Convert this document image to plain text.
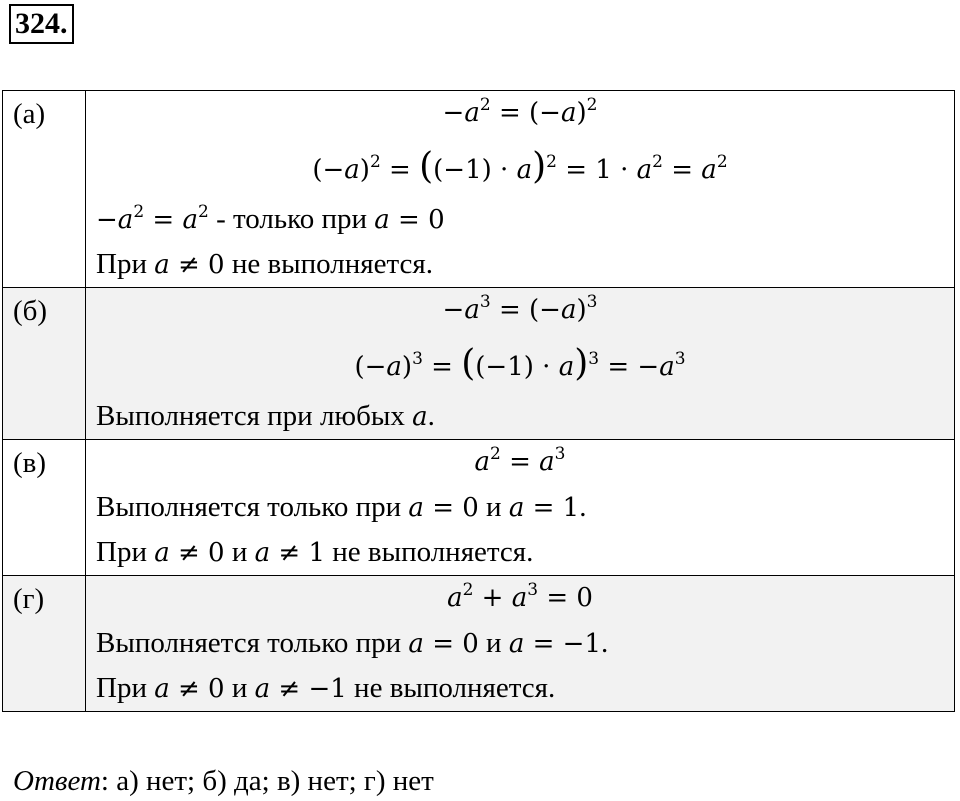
324.
(а)	$-a^2 = (-a)^2$
$(-a)^2 = ((-1) \cdot a)^2 = 1 \cdot a^2 = a^2$
$-a^2 = a^2$ - только при a = 0
При a ≠ 0 не выполняется.

(б)	$-a^3 = (-a)^3$
$(-a)^3 = ((-1) \cdot a)^3 = -a^3$
Выполняется при любых a.

(в)	$a^2 = a^3$
Выполняется только при a = 0 и a = 1.
При a ≠ 0 и a ≠ 1 не выполняется.

(г)	$a^2 + a^3 = 0$
Выполняется только при a = 0 и a = −1.
При a ≠ 0 и a ≠ −1 не выполняется.
Ответ: а) нет; б) да; в) нет; г) нет
